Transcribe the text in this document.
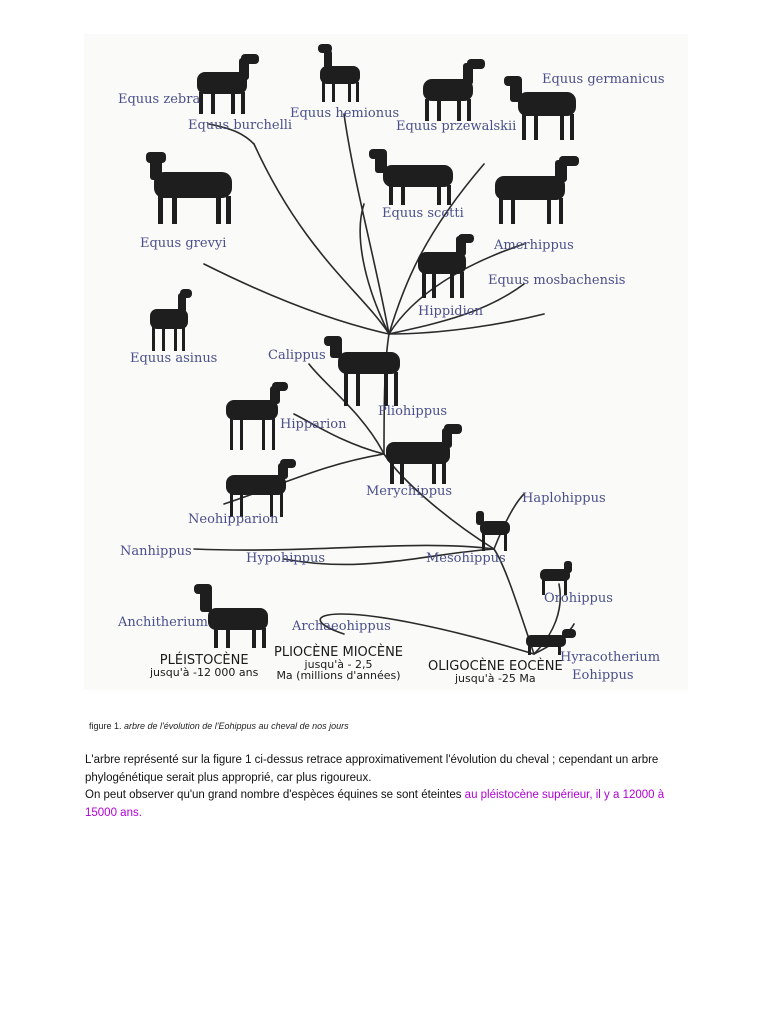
Equus zebra
Equus burchelli
Equus hemionus
Equus przewalskii
Equus germanicus
Equus scotti
Equus grevyi	Amerhippus
Equus mosbachensis
Hippidion
Equus asinus	Calippus
Pliohippus
Hipparion
Merychippus	Haplohippus
Neohipparion
Nanhippus	Hypohippus	Mesohippus
Orohippus
Anchitherium	Archaeohippus
Hyracotherium
Eohippus
PLÉISTOCÈNE
jusqu'à -12 000 ans
PLIOCÈNE MIOCÈNE
jusqu'à - 2,5
Ma (millions d'années)
OLIGOCÈNE EOCÈNE
jusqu'à -25 Ma
figure 1. arbre de l'évolution de l'Eohippus au cheval de nos jours

L'arbre représenté sur la figure 1 ci-dessus retrace approximativement l'évolution du cheval ; cependant un arbre phylogénétique serait plus approprié, car plus rigoureux.

On peut observer qu'un grand nombre d'espèces équines se sont éteintes au pléistocène supérieur, il y a 12000 à 15000 ans.
